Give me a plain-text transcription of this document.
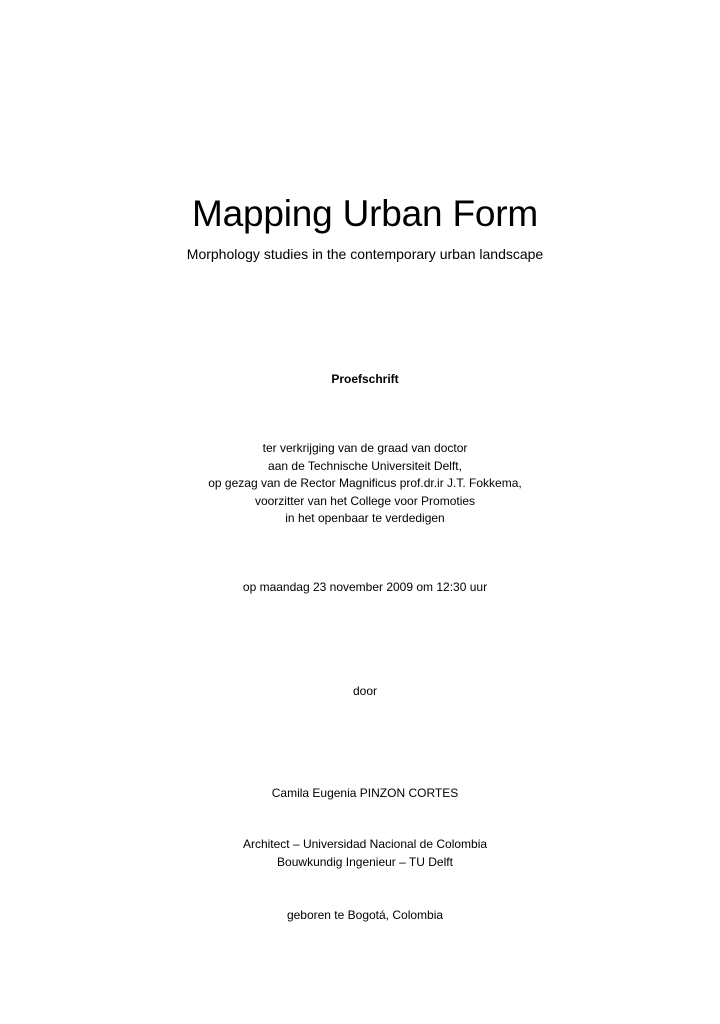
Mapping Urban Form
Morphology studies in the contemporary urban landscape
Proefschrift
ter verkrijging van de graad van doctor
aan de Technische Universiteit Delft,
op gezag van de Rector Magnificus prof.dr.ir J.T. Fokkema,
voorzitter van het College voor Promoties
in het openbaar te verdedigen
op maandag 23 november 2009 om 12:30 uur
door
Camila Eugenia PINZON CORTES
Architect – Universidad Nacional de Colombia
Bouwkundig Ingenieur – TU Delft
geboren te Bogotá, Colombia
